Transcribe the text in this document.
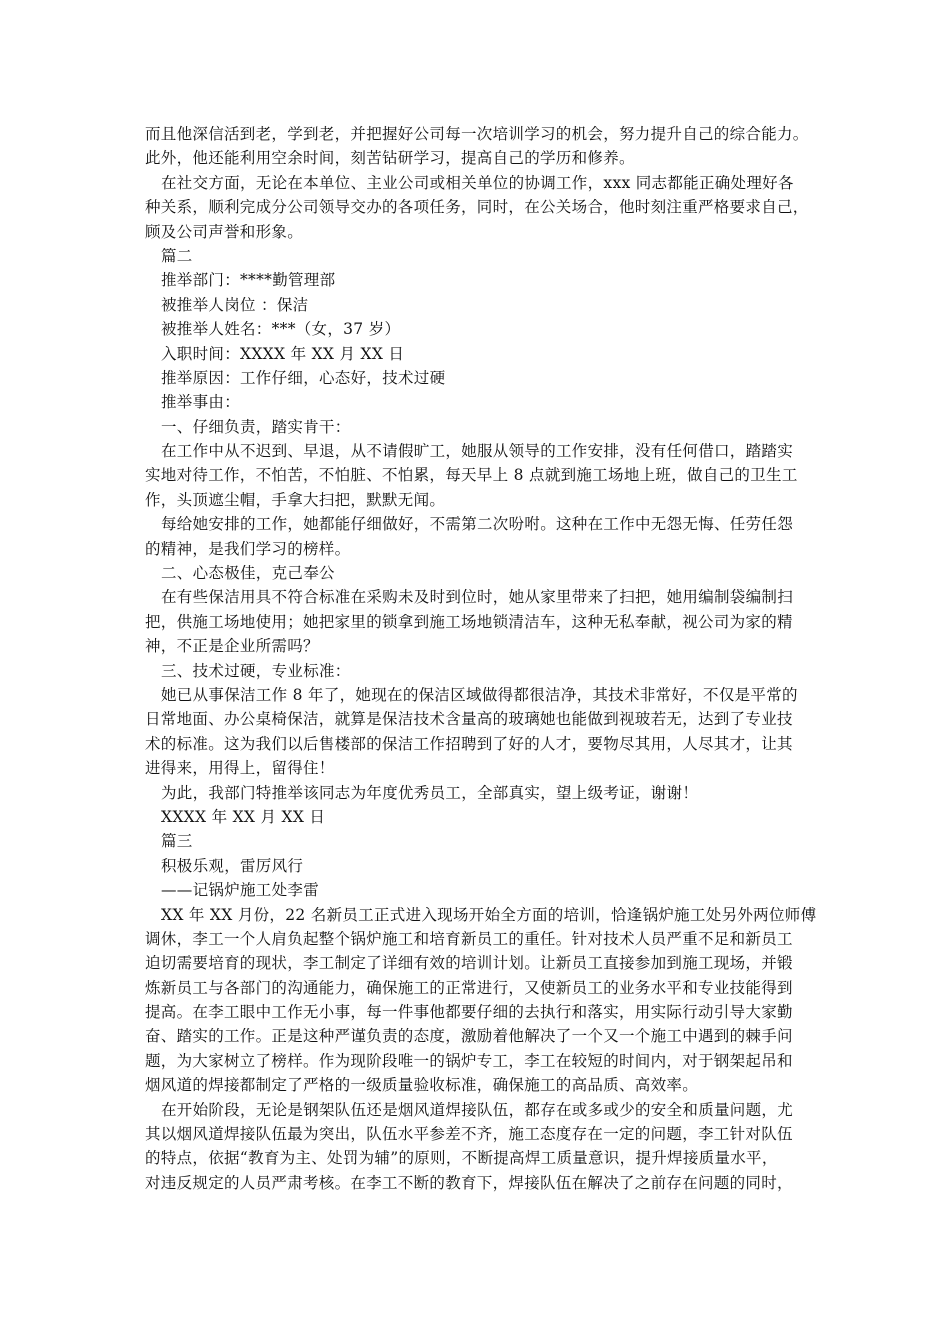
而且他深信活到老，学到老，并把握好公司每一次培训学习的机会，努力提升自己的综合能力。
此外，他还能利用空余时间，刻苦钻研学习，提高自己的学历和修养。
在社交方面，无论在本单位、主业公司或相关单位的协调工作，xxx 同志都能正确处理好各
种关系，顺利完成分公司领导交办的各项任务，同时，在公关场合，他时刻注重严格要求自己，
顾及公司声誉和形象。
篇二
推举部门：****勤管理部
被推举人岗位 ：保洁
被推举人姓名：***（女，37 岁）
入职时间：XXXX 年 XX 月 XX 日
推举原因：工作仔细，心态好，技术过硬
推举事由：
一、仔细负责，踏实肯干：
在工作中从不迟到、早退，从不请假旷工，她服从领导的工作安排，没有任何借口，踏踏实
实地对待工作，不怕苦，不怕脏、不怕累，每天早上 8 点就到施工场地上班，做自己的卫生工
作，头顶遮尘帽，手拿大扫把，默默无闻。
每给她安排的工作，她都能仔细做好，不需第二次吩咐。这种在工作中无怨无悔、任劳任怨
的精神，是我们学习的榜样。
二、心态极佳，克己奉公
在有些保洁用具不符合标准在采购未及时到位时，她从家里带来了扫把，她用编制袋编制扫
把，供施工场地使用；她把家里的锁拿到施工场地锁清洁车，这种无私奉献，视公司为家的精
神，不正是企业所需吗？
三、技术过硬，专业标准：
她已从事保洁工作 8 年了，她现在的保洁区域做得都很洁净，其技术非常好，不仅是平常的
日常地面、办公桌椅保洁，就算是保洁技术含量高的玻璃她也能做到视玻若无，达到了专业技
术的标准。这为我们以后售楼部的保洁工作招聘到了好的人才，要物尽其用，人尽其才，让其
进得来，用得上，留得住！
为此，我部门特推举该同志为年度优秀员工，全部真实，望上级考证，谢谢！
XXXX 年 XX 月 XX 日
篇三
积极乐观，雷厉风行
——记锅炉施工处李雷
XX 年 XX 月份，22 名新员工正式进入现场开始全方面的培训，恰逢锅炉施工处另外两位师傅
调休，李工一个人肩负起整个锅炉施工和培育新员工的重任。针对技术人员严重不足和新员工
迫切需要培育的现状，李工制定了详细有效的培训计划。让新员工直接参加到施工现场，并锻
炼新员工与各部门的沟通能力，确保施工的正常进行，又使新员工的业务水平和专业技能得到
提高。在李工眼中工作无小事，每一件事他都要仔细的去执行和落实，用实际行动引导大家勤
奋、踏实的工作。正是这种严谨负责的态度，激励着他解决了一个又一个施工中遇到的棘手问
题，为大家树立了榜样。作为现阶段唯一的锅炉专工，李工在较短的时间内，对于钢架起吊和
烟风道的焊接都制定了严格的一级质量验收标准，确保施工的高品质、高效率。
在开始阶段，无论是钢架队伍还是烟风道焊接队伍，都存在或多或少的安全和质量问题，尤
其以烟风道焊接队伍最为突出，队伍水平参差不齐，施工态度存在一定的问题，李工针对队伍
的特点，依据“教育为主、处罚为辅”的原则，不断提高焊工质量意识，提升焊接质量水平，
对违反规定的人员严肃考核。在李工不断的教育下，焊接队伍在解决了之前存在问题的同时，
